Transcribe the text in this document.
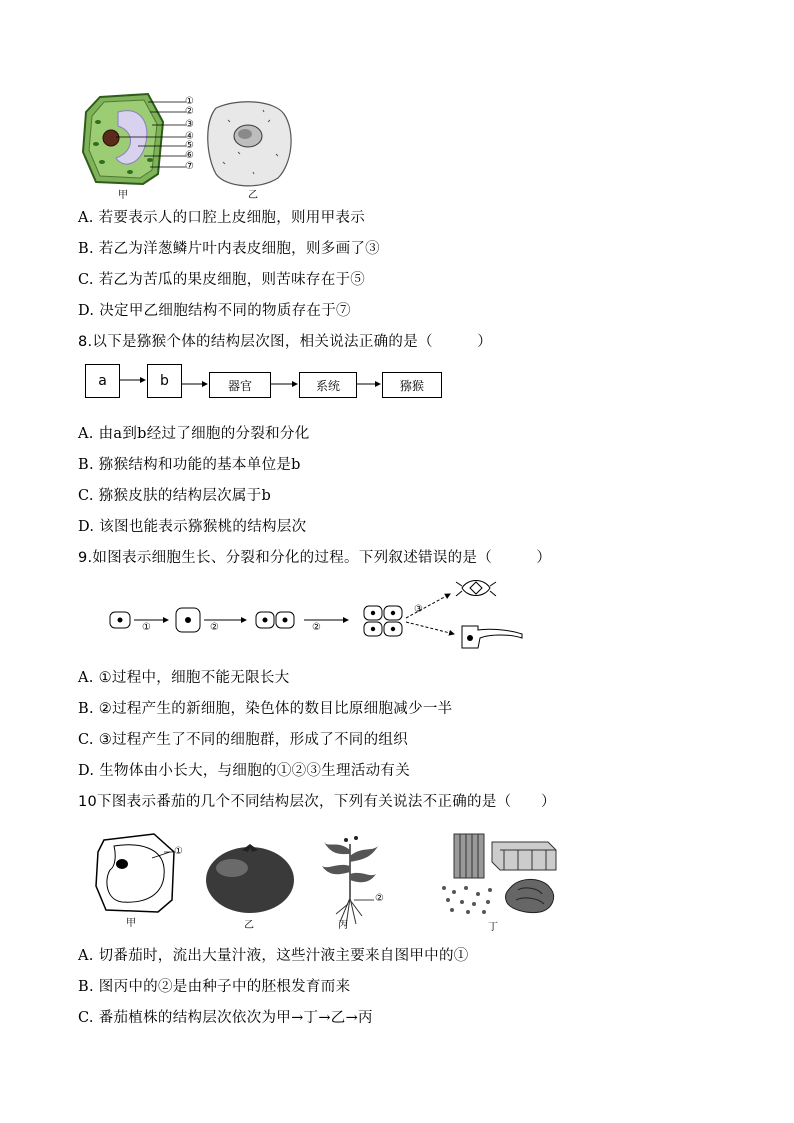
①
②
③
④
⑤
⑥
⑦
甲	乙
A. 若要表示人的口腔上皮细胞，则用甲表示
B. 若乙为洋葱鳞片叶内表皮细胞，则多画了③
C. 若乙为苦瓜的果皮细胞，则苦味存在于⑤
D. 决定甲乙细胞结构不同的物质存在于⑦
8.以下是猕猴个体的结构层次图，相关说法正确的是（　　　）
a	b	器官	系统	猕猴
A. 由a到b经过了细胞的分裂和分化
B. 猕猴结构和功能的基本单位是b
C. 猕猴皮肤的结构层次属于b
D. 该图也能表示猕猴桃的结构层次
9.如图表示细胞生长、分裂和分化的过程。下列叙述错误的是（　　　）
①	②	②
③
A. ①过程中，细胞不能无限长大
B. ②过程产生的新细胞，染色体的数目比原细胞减少一半
C. ③过程产生了不同的细胞群，形成了不同的组织
D. 生物体由小长大，与细胞的①②③生理活动有关
10下图表示番茄的几个不同结构层次，下列有关说法不正确的是（　　）
①
②
甲	乙	丙	丁
A. 切番茄时，流出大量汁液，这些汁液主要来自图甲中的①
B. 图丙中的②是由种子中的胚根发育而来
C. 番茄植株的结构层次依次为甲→丁→乙→丙
